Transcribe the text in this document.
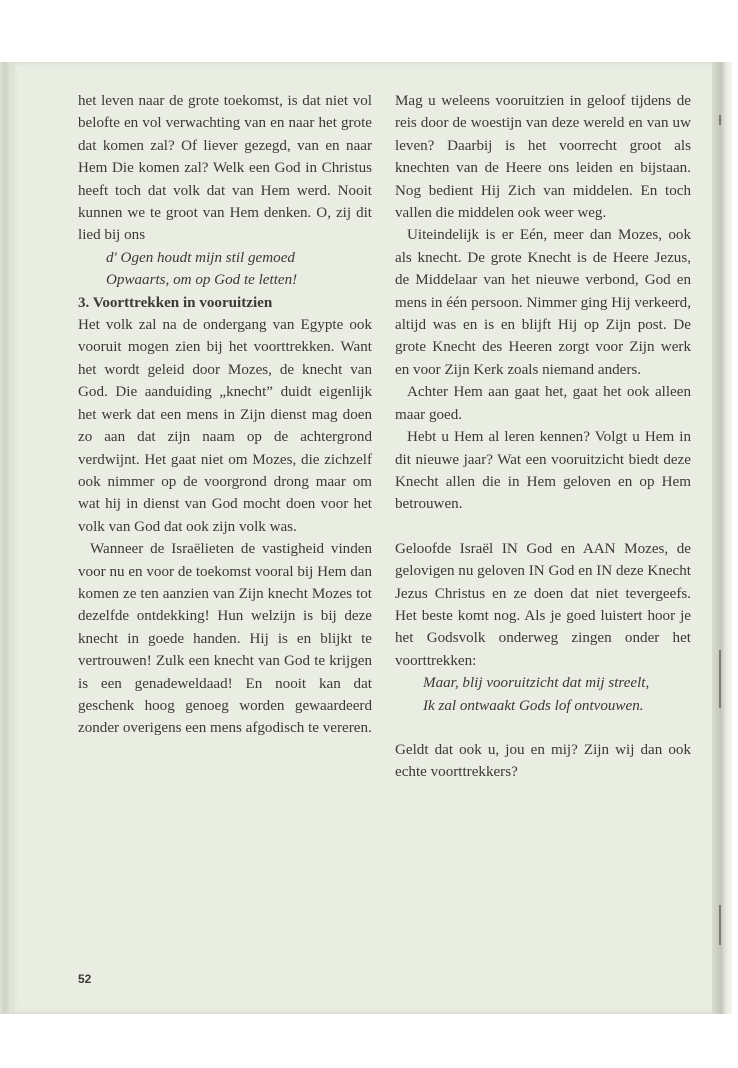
het leven naar de grote toekomst, is dat niet vol belofte en vol verwachting van en naar het grote dat komen zal? Of liever gezegd, van en naar Hem Die komen zal? Welk een God in Christus heeft toch dat volk dat van Hem werd. Nooit kunnen we te groot van Hem denken. O, zij dit lied bij ons

d' Ogen houdt mijn stil gemoed

Opwaarts, om op God te letten!

3. Voorttrekken in vooruitzien

Het volk zal na de ondergang van Egypte ook vooruit mogen zien bij het voorttrekken. Want het wordt geleid door Mozes, de knecht van God. Die aanduiding „knecht” duidt eigenlijk het werk dat een mens in Zijn dienst mag doen zo aan dat zijn naam op de achtergrond verdwijnt. Het gaat niet om Mozes, die zichzelf ook nimmer op de voorgrond drong maar om wat hij in dienst van God mocht doen voor het volk van God dat ook zijn volk was.

Wanneer de Israëlieten de vastigheid vinden voor nu en voor de toekomst vooral bij Hem dan komen ze ten aanzien van Zijn knecht Mozes tot dezelfde ontdekking! Hun welzijn is bij deze knecht in goede handen. Hij is en blijkt te vertrouwen! Zulk een knecht van God te krijgen is een genadeweldaad! En nooit kan dat geschenk hoog genoeg worden gewaardeerd zonder overigens een mens afgodisch te vereren.

Mag u weleens vooruitzien in geloof tijdens de reis door de woestijn van deze wereld en van uw leven? Daarbij is het voorrecht groot als knechten van de Heere ons leiden en bijstaan. Nog bedient Hij Zich van middelen. En toch vallen die middelen ook weer weg.

Uiteindelijk is er Eén, meer dan Mozes, ook als knecht. De grote Knecht is de Heere Jezus, de Middelaar van het nieuwe verbond, God en mens in één persoon. Nimmer ging Hij verkeerd, altijd was en is en blijft Hij op Zijn post. De grote Knecht des Heeren zorgt voor Zijn werk en voor Zijn Kerk zoals niemand anders.

Achter Hem aan gaat het, gaat het ook alleen maar goed.

Hebt u Hem al leren kennen? Volgt u Hem in dit nieuwe jaar? Wat een vooruitzicht biedt deze Knecht allen die in Hem geloven en op Hem betrouwen.

Geloofde Israël IN God en AAN Mozes, de gelovigen nu geloven IN God en IN deze Knecht Jezus Christus en ze doen dat niet tevergeefs. Het beste komt nog. Als je goed luistert hoor je het Godsvolk onderweg zingen onder het voorttrekken:

Maar, blij vooruitzicht dat mij streelt,

Ik zal ontwaakt Gods lof ontvouwen.

Geldt dat ook u, jou en mij? Zijn wij dan ook echte voorttrekkers?

52
